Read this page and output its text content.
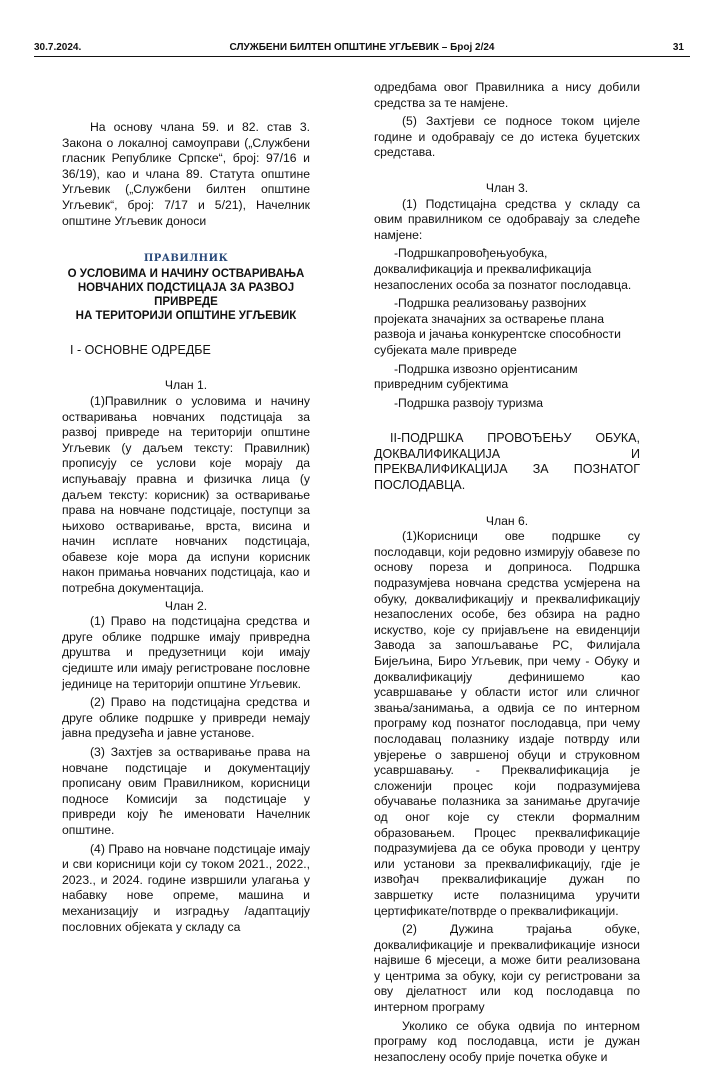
30.7.2024.	СЛУЖБЕНИ БИЛТЕН ОПШТИНЕ УГЉЕВИК – Број 2/24	31

На основу члана 59. и 82. став 3. Закона о локалној самоуправи („Службени гласник Републике Српске“, број: 97/16 и 36/19), као и члана 89. Статута општине Угљевик („Службени билтен општине Угљевик“, број: 7/17 и 5/21), Начелник општине Угљевик доноси

ПРАВИЛНИК
О УСЛОВИМА И НАЧИНУ ОСТВАРИВАЊА
НОВЧАНИХ ПОДСТИЦАЈА ЗА РАЗВОЈ ПРИВРЕДЕ
НА ТЕРИТОРИЈИ ОПШТИНЕ УГЉЕВИК
I - ОСНОВНЕ ОДРЕДБЕ
Члан 1.

(1)Правилник о условима и начину остваривања новчаних подстицаја за развој привреде на територији општине Угљевик (у даљем тексту: Правилник) прописују се услови које морају да испуњавају правна и физичка лица (у даљем тексту: корисник) за остваривање права на новчане подстицаје, поступци за њихово остваривање, врста, висина и начин исплате новчаних подстицаја, обавезе које мора да испуни корисник након примања новчаних подстицаја, као и потребна документација.

Члан 2.

(1) Право на подстицајна средства и друге облике подршке имају привредна друштва и предузетници који имају сједиште или имају регистроване пословне јединице на територији општине Угљевик.

(2) Право на подстицајна средства и друге облике подршке у привреди немају јавна предузећа и јавне установе.

(3) Захтјев за остваривање права на новчане подстицаје и документацију прописану овим Правилником, корисници подносе Комисији за подстицаје у привреди коју ће именовати Начелник општине.

(4) Право на новчане подстицаје имају и сви корисници који су током 2021., 2022., 2023., и 2024. године извршили улагања у набавку нове опреме, машина и механизацију и изградњу /адаптацију пословних објеката у складу са

одредбама овог Правилника а нису добили средства за те намјене.

(5) Захтјеви се подносе током цијеле године и одобравају се до истека буџетских средстава.

Члан 3.

(1) Подстицајна средства у складу са овим правилником се одобравају за следеће намјене:

-Подршкапровођењуобука, доквалификација и преквалификација незапослених особа за познатог послодавца.

-Подршка реализовању развојних пројеката значајних за остварење плана развоја и јачања конкурентске способности субјеката мале привреде

-Подршка извозно орјентисаним привредним субјектима

-Подршка развоју туризма

II-ПОДРШКА ПРОВОЂЕЊУ ОБУКА, ДОКВАЛИФИКАЦИЈА И ПРЕКВАЛИФИКАЦИЈА ЗА ПОЗНАТОГ ПОСЛОДАВЦА.

Члан 6.

(1)Корисници ове подршке су послодавци, који редовно измирују обавезе по основу пореза и доприноса. Подршка подразумјева новчана средства усмјерена на обуку, доквалификацију и преквалификацију незапослених особе, без обзира на радно искуство, које су пријављене на евиденцији Завода за запошљавање РС, Филијала Бијељина, Биро Угљевик, при чему - Обуку и доквалификацију дефинишемо као усавршавање у области истог или сличног звања/занимања, а одвија се по интерном програму код познатог послодавца, при чему послодавац полазнику издаје потврду или увјерење о завршеној обуци и струковном усавршавању. - Преквалификација је сложенији процес који подразумијева обучавање полазника за занимање другачије од оног које су стекли формалним образовањем. Процес преквалификације подразумијева да се обука проводи у центру или установи за преквалификацију, гдје је извођач преквалификације дужан по завршетку исте полазницима уручити цертификате/потврде о преквалификацији.

(2) Дужина трајања обуке, доквалификације и преквалификације износи највише 6 мјесеци, а може бити реализована у центрима за обуку, који су регистровани за ову дјелатност или код послодавца по интерном програму

Уколико се обука одвија по интерном програму код послодавца, исти је дужан незапослену особу прије почетка обуке и
